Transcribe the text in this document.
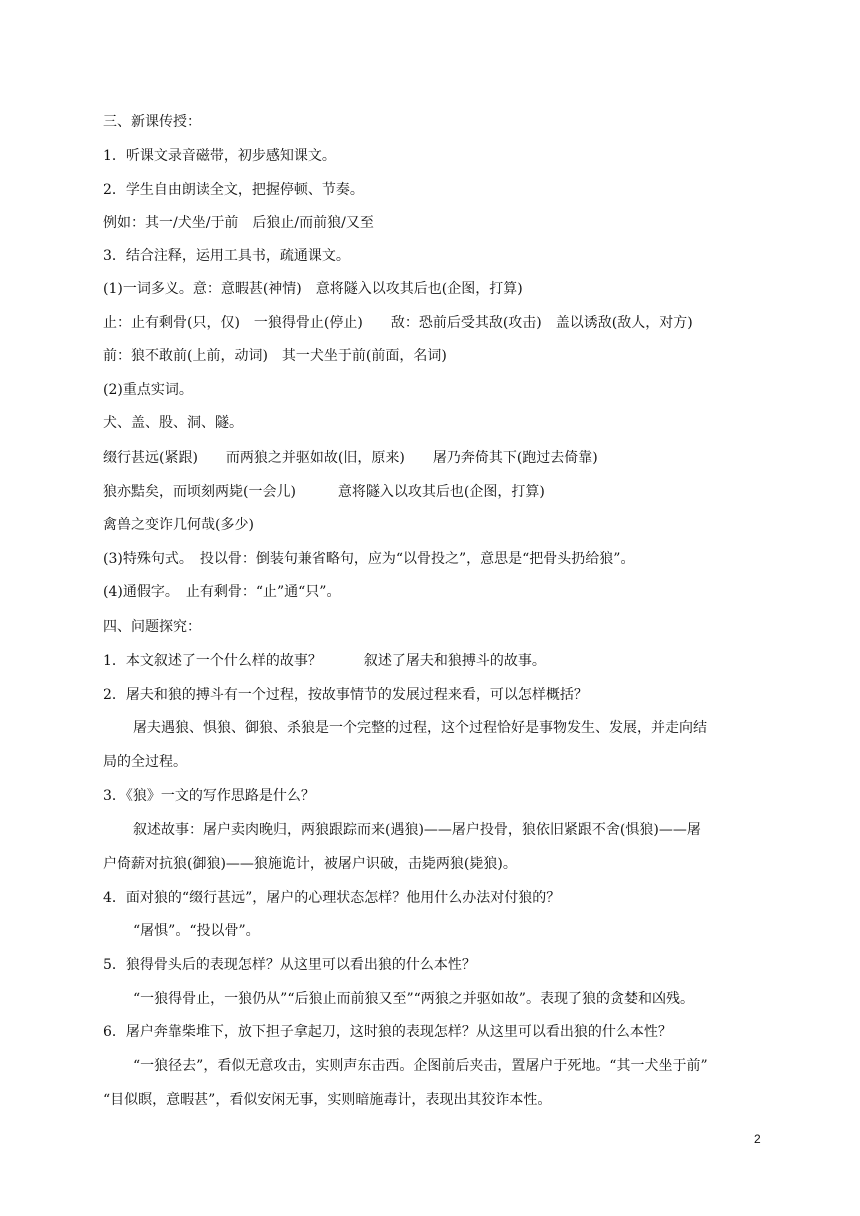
三、新课传授：
1．听课文录音磁带，初步感知课文。
2．学生自由朗读全文，把握停顿、节奏。
例如：其一/犬坐/于前　后狼止/而前狼/又至
3．结合注释，运用工具书，疏通课文。
(1)一词多义。意：意暇甚(神情)　意将隧入以攻其后也(企图，打算)
止：止有剩骨(只，仅)　一狼得骨止(停止)　　敌：恐前后受其敌(攻击)　盖以诱敌(敌人，对方)
前：狼不敢前(上前，动词)　其一犬坐于前(前面，名词)
(2)重点实词。
犬、盖、股、洞、隧。
缀行甚远(紧跟)　　而两狼之并驱如故(旧，原来)　　屠乃奔倚其下(跑过去倚靠)
狼亦黠矣，而顷刻两毙(一会儿)　　　意将隧入以攻其后也(企图，打算)
禽兽之变诈几何哉(多少)
(3)特殊句式。　投以骨：倒装句兼省略句，应为“以骨投之”，意思是“把骨头扔给狼”。
(4)通假字。　止有剩骨：“止”通“只”。
四、问题探究：
1．本文叙述了一个什么样的故事？　　　叙述了屠夫和狼搏斗的故事。
2．屠夫和狼的搏斗有一个过程，按故事情节的发展过程来看，可以怎样概括？
屠夫遇狼、惧狼、御狼、杀狼是一个完整的过程，这个过程恰好是事物发生、发展，并走向结
局的全过程。
3．《狼》一文的写作思路是什么？
叙述故事：屠户卖肉晚归，两狼跟踪而来(遇狼)——屠户投骨，狼依旧紧跟不舍(惧狼)——屠
户倚薪对抗狼(御狼)——狼施诡计，被屠户识破，击毙两狼(毙狼)。
4．面对狼的“缀行甚远”，屠户的心理状态怎样？他用什么办法对付狼的？
“屠惧”。“投以骨”。
5．狼得骨头后的表现怎样？从这里可以看出狼的什么本性？
“一狼得骨止，一狼仍从”“后狼止而前狼又至”“两狼之并驱如故”。表现了狼的贪婪和凶残。
6．屠户奔靠柴堆下，放下担子拿起刀，这时狼的表现怎样？从这里可以看出狼的什么本性？
“一狼径去”，看似无意攻击，实则声东击西。企图前后夹击，置屠户于死地。“其一犬坐于前”
“目似瞑，意暇甚”，看似安闲无事，实则暗施毒计，表现出其狡诈本性。
2
